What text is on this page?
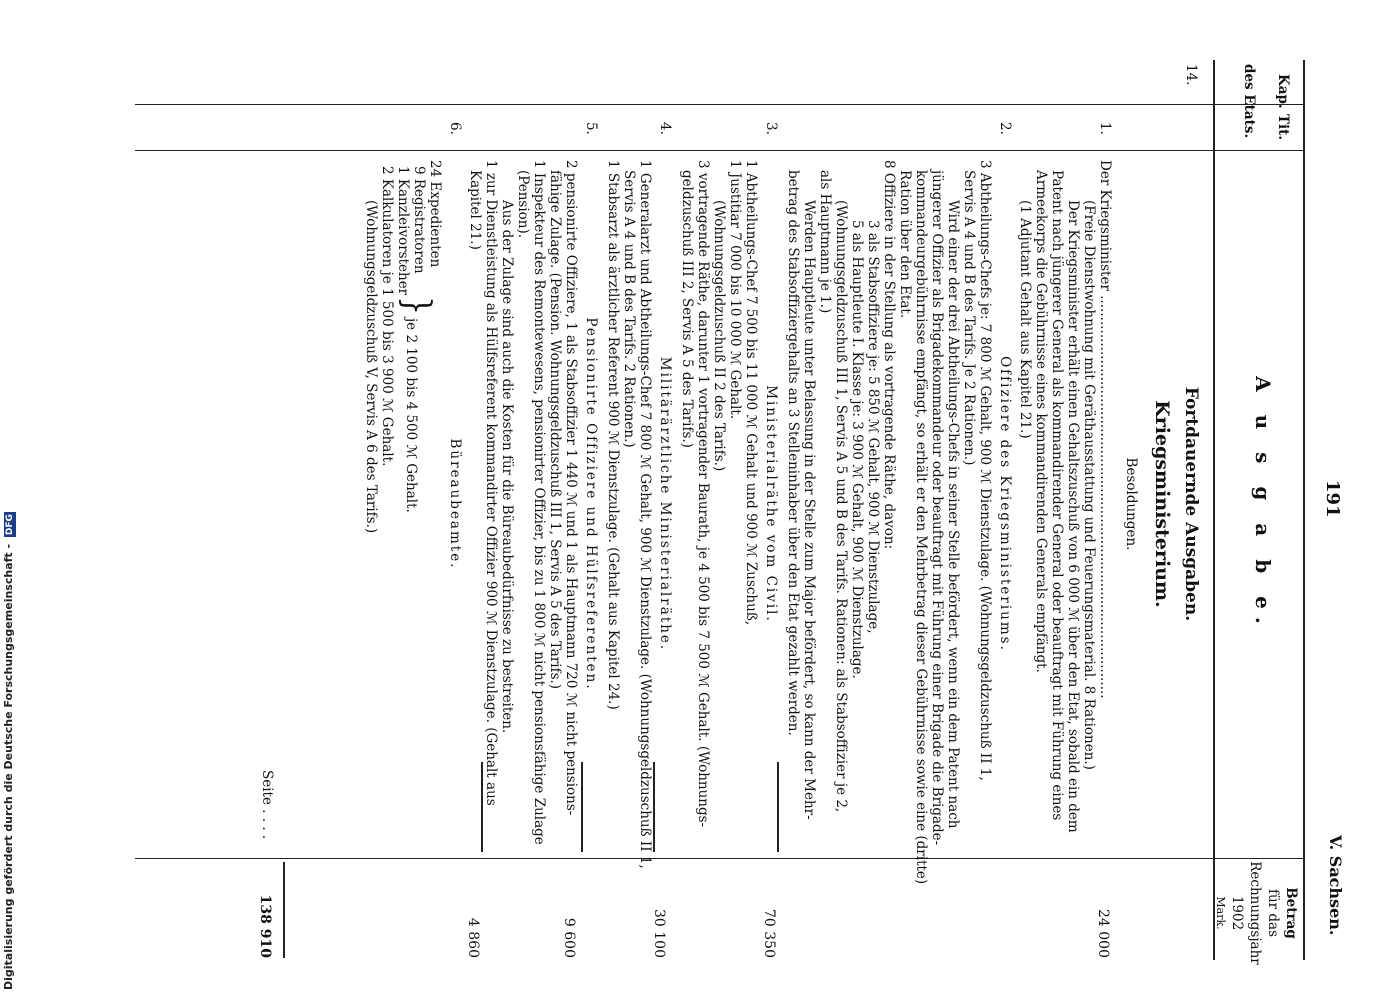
191
V. Sachsen.
Kap.
Tit.
des Etats.
Betrag
für das
Rechnungsjahr
1902
Mark.
A u s g a b e.
Fortdauernde Ausgaben.
Kriegsministerium.
Besoldungen.
14.
1.
Der Kriegsminister ..............................................................................................
(Freie Dienstwohnung mit Geräthausstattung und Feuerungsmaterial. 8 Rationen.)
Der Kriegsminister erhält einen Gehaltszuschuß von 6 000 ℳ über den Etat, sobald ein dem
Patent nach jüngerer General als kommandirender General oder beauftragt mit Führung eines
Armeekorps die Gebührnisse eines kommandirenden Generals empfängt.
(1 Adjutant Gehalt aus Kapitel 21.)
24 000
2.
Offiziere des Kriegsministeriums.
3 Abtheilungs-Chefs je: 7 800 ℳ Gehalt, 900 ℳ Dienstzulage. (Wohnungsgeldzuschuß II 1,
Servis A 4 und B des Tarifs. Je 2 Rationen.)
Wird einer der drei Abtheilungs-Chefs in seiner Stelle befördert, wenn ein dem Patent nach
jüngerer Offizier als Brigadekommandeur oder beauftragt mit Führung einer Brigade die Brigade-
kommandeurgebührnisse empfängt, so erhält er den Mehrbetrag dieser Gebührnisse sowie eine (dritte)
Ration über den Etat.
8 Offiziere in der Stellung als vortragende Räthe, davon:
3 als Stabsoffiziere je: 5 850 ℳ Gehalt, 900 ℳ Dienstzulage,
5 als Hauptleute I. Klasse je: 3 900 ℳ Gehalt, 900 ℳ Dienstzulage.
(Wohnungsgeldzuschuß III 1, Servis A 5 und B des Tarifs. Rationen: als Stabsoffizier je 2,
als Hauptmann je 1.)
Werden Hauptleute unter Belassung in der Stelle zum Major befördert, so kann der Mehr-
betrag des Stabsoffiziergehalts an 3 Stelleninhaber über den Etat gezahlt werden.
3.
Ministerialräthe vom Civil.
1 Abtheilungs-Chef 7 500 bis 11 000 ℳ Gehalt und 900 ℳ Zuschuß,
1 Justitiar 7 000 bis 10 000 ℳ Gehalt.
(Wohnungsgeldzuschuß II 2 des Tarifs.)
3 vortragende Räthe, darunter 1 vortragender Baurath, je 4 500 bis 7 500 ℳ Gehalt. (Wohnungs-
geldzuschuß III 2, Servis A 5 des Tarifs.)
70 350
4.
Militärärztliche Ministerialräthe.
1 Generalarzt und Abtheilungs-Chef 7 800 ℳ Gehalt, 900 ℳ Dienstzulage. (Wohnungsgeldzuschuß II 1,
Servis A 4 und B des Tarifs. 2 Rationen.)
1 Stabsarzt als ärztlicher Referent 900 ℳ Dienstzulage. (Gehalt aus Kapitel 24.)
30 100
5.
Pensionirte Offiziere und Hülfsreferenten.
2 pensionirte Offiziere, 1 als Stabsoffizier 1 440 ℳ und 1 als Hauptmann 720 ℳ nicht pensions-
fähige Zulage. (Pension. Wohnungsgeldzuschuß III 1, Servis A 5 des Tarifs.)
1 Inspekteur des Remontewesens, pensionirter Offizier, bis zu 1 800 ℳ nicht pensionsfähige Zulage
(Pension).
Aus der Zulage sind auch die Kosten für die Büreaubedürfnisse zu bestreiten.
1 zur Dienstleistung als Hülfsreferent kommandirter Offizier 900 ℳ Dienstzulage. (Gehalt aus
Kapitel 21.)
9 600
6.
Büreaubeamte.
24 Expedienten
9 Registratoren
1 Kanzleivorsteher
2 Kalkulatoren je 1 500 bis 3 900 ℳ Gehalt.
(Wohnungsgeldzuschuß V, Servis A 6 des Tarifs.) }
je 2 100 bis 4 500 ℳ Gehalt.
4 860
Seite . . . .
138 910
Digitalisierung gefördert durch die Deutsche Forschungsgemeinschaft - DFG
